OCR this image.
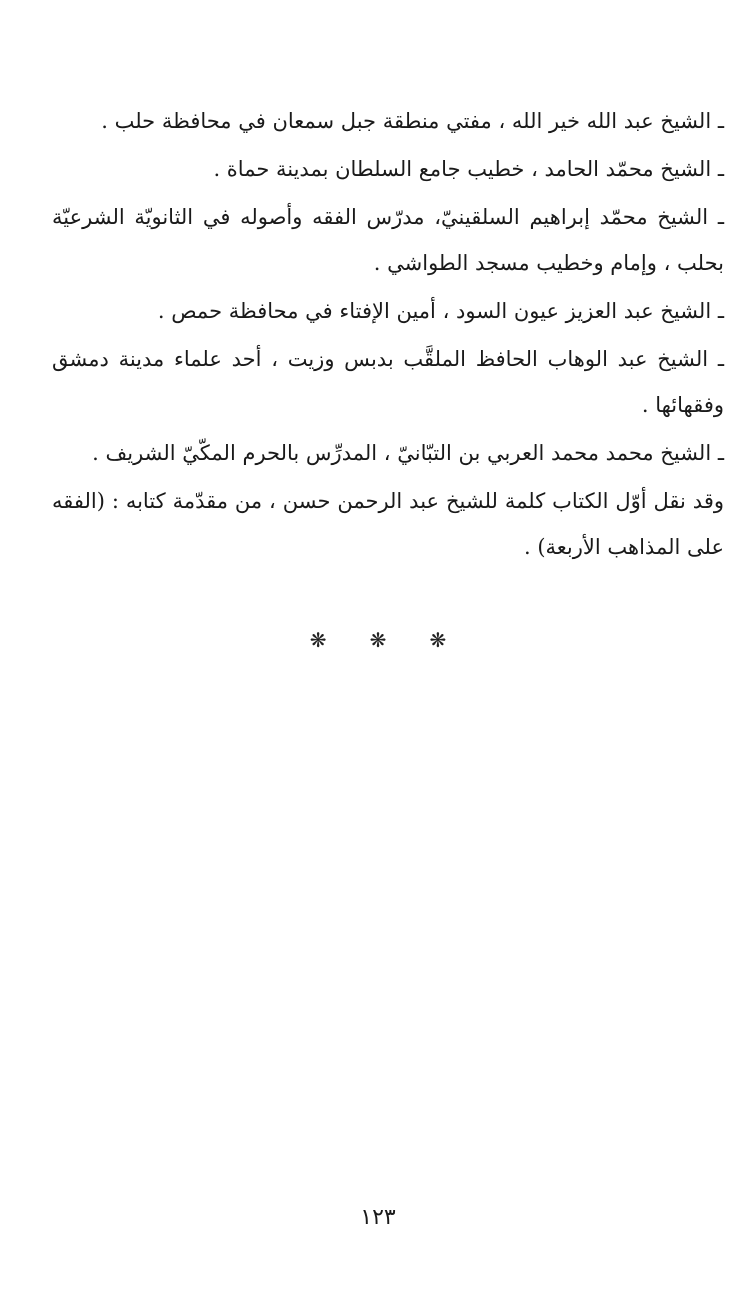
ـ الشيخ عبد الله خير الله ، مفتي منطقة جبل سمعان في محافظة حلب .

ـ الشيخ محمّد الحامد ، خطيب جامع السلطان بمدينة حماة .

ـ الشيخ محمّد إبراهيم السلقينيّ، مدرّس الفقه وأصوله في الثانويّة الشرعيّة بحلب ، وإمام وخطيب مسجد الطواشي .

ـ الشيخ عبد العزيز عيون السود ، أمين الإفتاء في محافظة حمص .

ـ الشيخ عبد الوهاب الحافظ الملقَّب بدبس وزيت ، أحد علماء مدينة دمشق وفقهائها .

ـ الشيخ محمد محمد العربي بن التبّانيّ ، المدرِّس بالحرم المكّيّ الشريف .

وقد نقل أوّل الكتاب كلمة للشيخ عبد الرحمن حسن ، من مقدّمة كتابه : (الفقه على المذاهب الأربعة) .

❋ ❋ ❋
١٢٣
